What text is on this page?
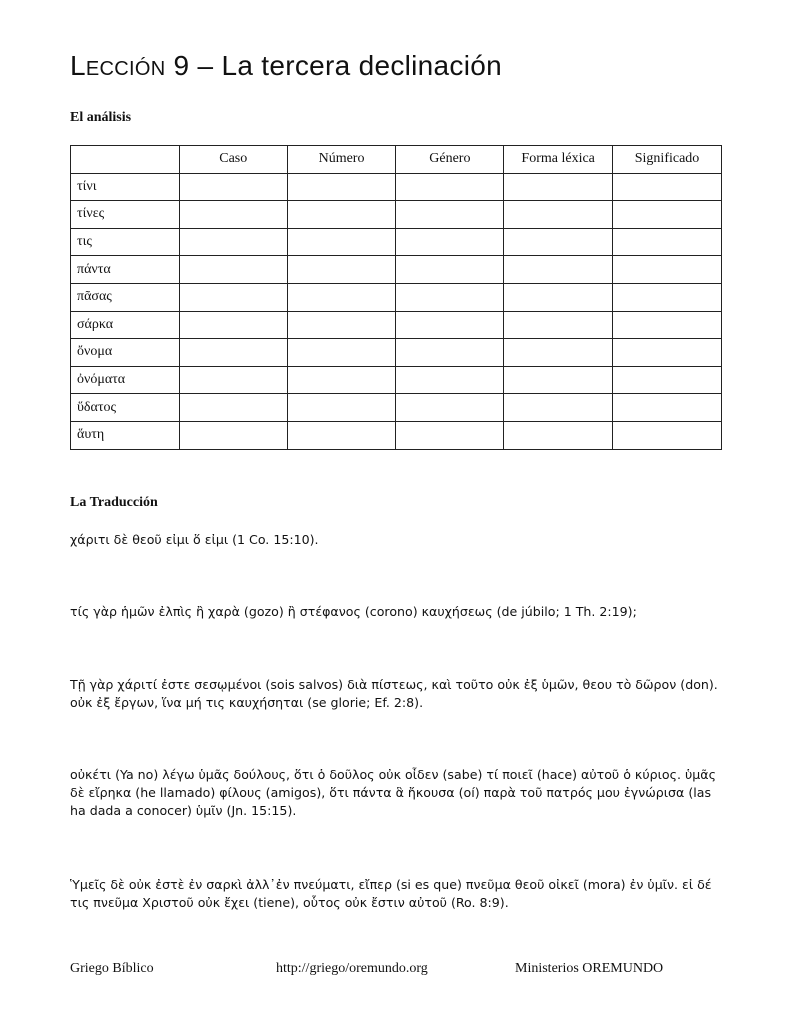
Lección 9 – La tercera declinación
El análisis
	Caso	Número	Género	Forma léxica	Significado
τίνι					
τίνες					
τις					
πάντα					
πᾶσας					
σάρκα					
ὄνομα					
ὀνόματα					
ὕδατος					
ἅυτη					
La Traducción
χάριτι δὲ θεοῦ εἰμι ὅ εἰμι (1 Co. 15:10).
τίς γὰρ ἡμῶν ἐλπὶς ἢ χαρὰ (gozo) ἢ στέφανος (corono) καυχήσεως (de júbilo; 1 Th. 2:19);
Τῇ γὰρ χάριτί ἐστε σεσῳμένοι (sois salvos) διὰ πίστεως, καὶ τοῦτο οὐκ ἐξ ὑμῶν, θεου τὸ δῶρον (don). οὐκ ἐξ ἔργων, ἵνα μή τις καυχήσηται (se glorie; Ef. 2:8).
οὐκέτι (Ya no) λέγω ὑμᾶς δούλους, ὅτι ὁ δοῦλος οὐκ οἶδεν (sabe) τί ποιεῖ (hace) αὐτοῦ ὁ κύριος. ὑμᾶς δὲ εἴρηκα (he llamado) φίλους (amigos), ὅτι πάντα ἃ ἤκουσα (oí) παρὰ τοῦ πατρός μου ἐγνώρισα (las ha dada a conocer) ὑμῖν (Jn. 15:15).
Ὑμεῖς δὲ οὐκ ἐστὲ ἐν σαρκὶ ἀλλ᾽ἐν πνεύματι, εἴπερ (si es que) πνεῦμα θεοῦ οἰκεῖ (mora) ἐν ὑμῖν. εἰ δέ τις πνεῦμα Χριστοῦ οὐκ ἔχει (tiene), οὗτος οὐκ ἔστιν αὐτοῦ (Ro. 8:9).
Griego Bíblico	http://griego/oremundo.org	Ministerios OREMUNDO
